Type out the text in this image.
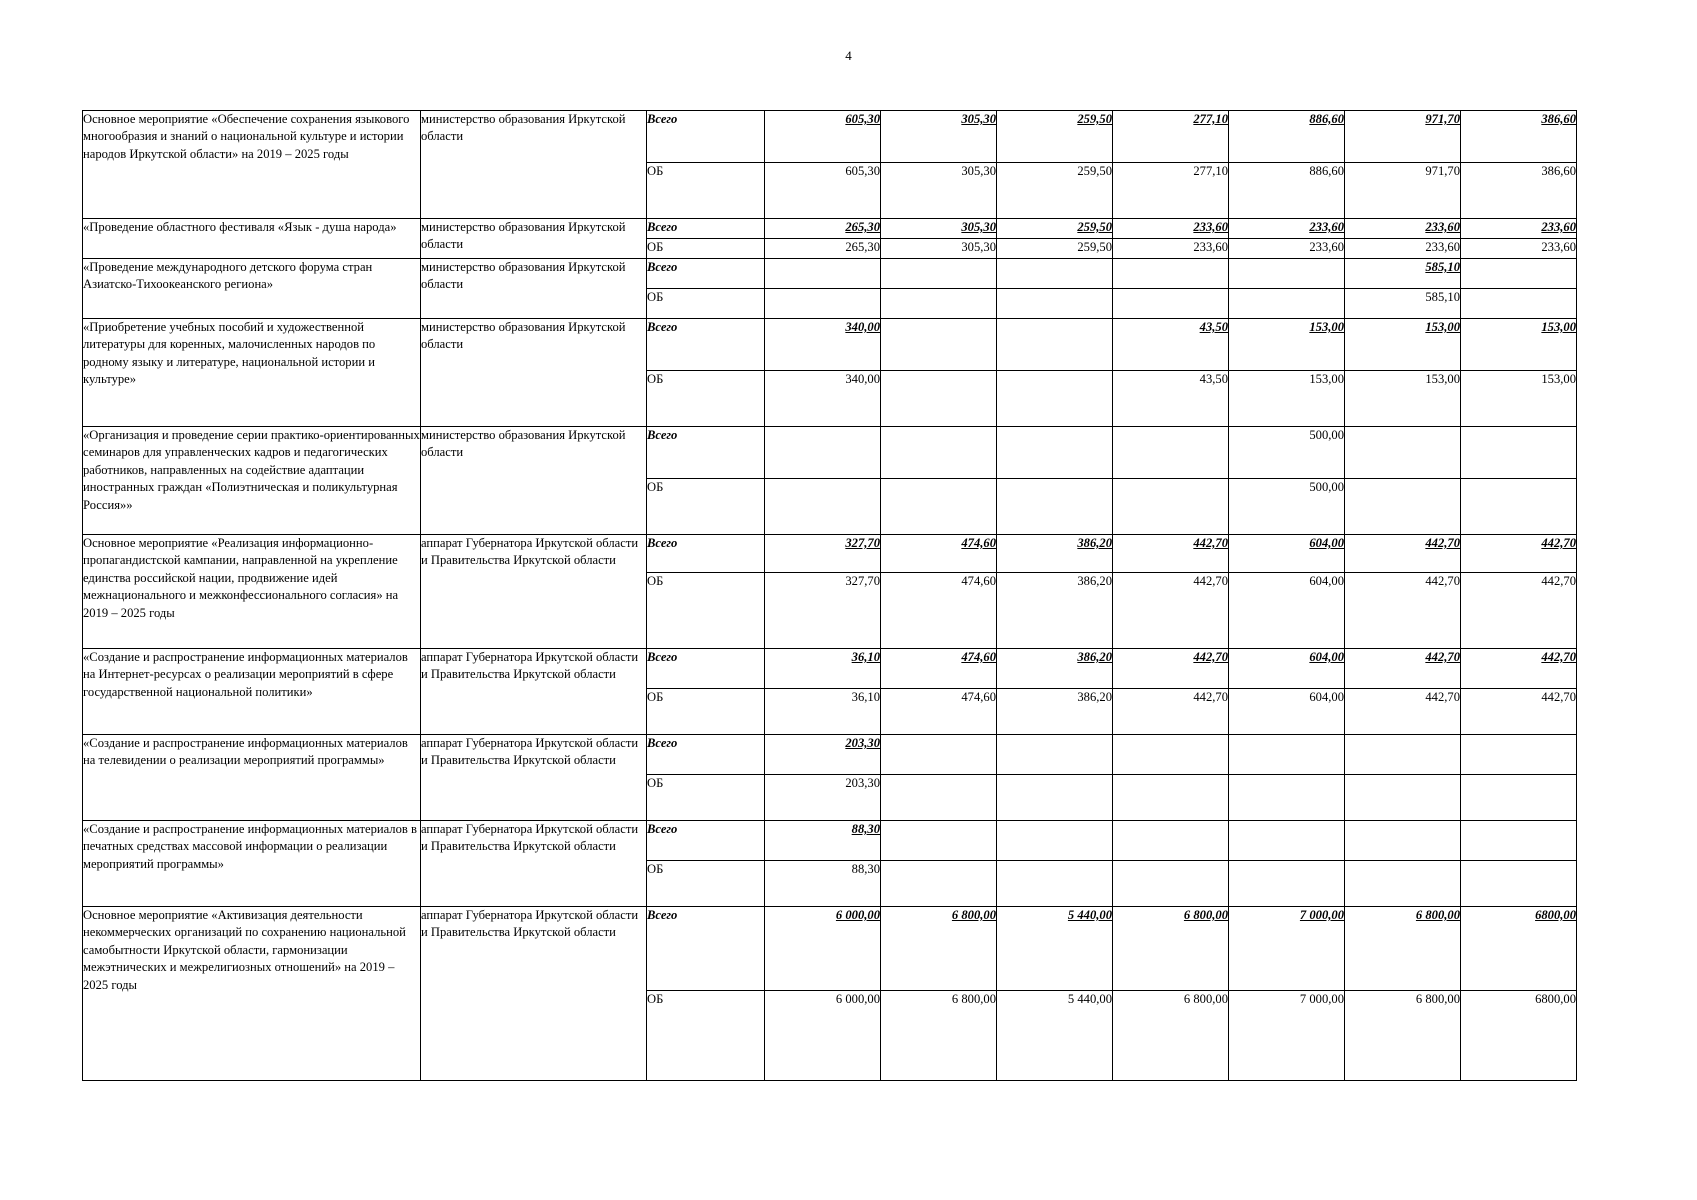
4
Основное мероприятие «Обеспечение сохранения языкового многообразия и знаний о национальной культуре и истории народов Иркутской области» на 2019 – 2025 годы	министерство образования Иркутской области	Всего	605,30	305,30	259,50	277,10	886,60	971,70	386,60
		ОБ	605,30	305,30	259,50	277,10	886,60	971,70	386,60
«Проведение областного фестиваля «Язык - душа народа»	министерство образования Иркутской области	Всего	265,30	305,30	259,50	233,60	233,60	233,60	233,60
		ОБ	265,30	305,30	259,50	233,60	233,60	233,60	233,60
«Проведение международного детского форума стран Азиатско-Тихоокеанского региона»	министерство образования Иркутской области	Всего						585,10	
		ОБ						585,10	
«Приобретение учебных пособий и художественной литературы для коренных, малочисленных народов по родному языку и литературе, национальной истории и культуре»	министерство образования Иркутской области	Всего	340,00			43,50	153,00	153,00	153,00
		ОБ	340,00			43,50	153,00	153,00	153,00
«Организация и проведение серии практико-ориентированных семинаров для управленческих кадров и педагогических работников, направленных на содействие адаптации иностранных граждан «Полиэтническая и поликультурная Россия»»	министерство образования Иркутской области	Всего					500,00		
		ОБ					500,00		
Основное мероприятие «Реализация информационно-пропагандистской кампании, направленной на укрепление единства российской нации, продвижение идей межнационального и межконфессионального согласия» на 2019 – 2025 годы	аппарат Губернатора Иркутской области и Правительства Иркутской области	Всего	327,70	474,60	386,20	442,70	604,00	442,70	442,70
		ОБ	327,70	474,60	386,20	442,70	604,00	442,70	442,70
«Создание и распространение информационных материалов на Интернет-ресурсах о реализации мероприятий в сфере государственной национальной политики»	аппарат Губернатора Иркутской области и Правительства Иркутской области	Всего	36,10	474,60	386,20	442,70	604,00	442,70	442,70
		ОБ	36,10	474,60	386,20	442,70	604,00	442,70	442,70
«Создание и распространение информационных материалов на телевидении о реализации мероприятий программы»	аппарат Губернатора Иркутской области и Правительства Иркутской области	Всего	203,30						
		ОБ	203,30						
«Создание и распространение информационных материалов в печатных средствах массовой информации о реализации мероприятий программы»	аппарат Губернатора Иркутской области и Правительства Иркутской области	Всего	88,30						
		ОБ	88,30						
Основное мероприятие «Активизация деятельности некоммерческих организаций по сохранению национальной самобытности Иркутской области, гармонизации межэтнических и межрелигиозных отношений» на 2019 – 2025 годы	аппарат Губернатора Иркутской области и Правительства Иркутской области	Всего	6 000,00	6 800,00	5 440,00	6 800,00	7 000,00	6 800,00	6800,00
		ОБ	6 000,00	6 800,00	5 440,00	6 800,00	7 000,00	6 800,00	6800,00
